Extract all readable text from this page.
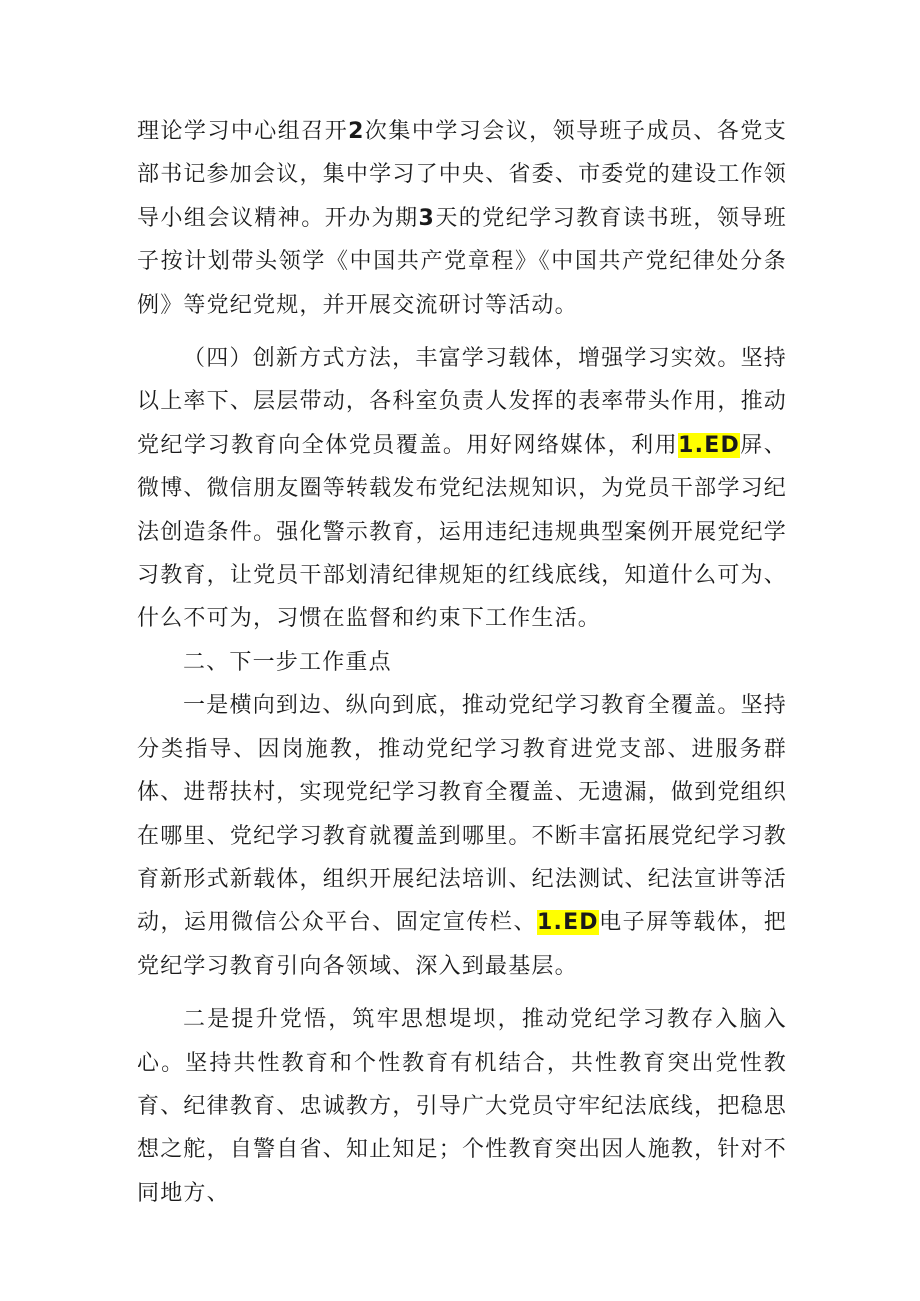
理论学习中心组召开2次集中学习会议，领导班子成员、各党支部书记参加会议，集中学习了中央、省委、市委党的建设工作领导小组会议精神。开办为期3天的党纪学习教育读书班，领导班子按计划带头领学《中国共产党章程》《中国共产党纪律处分条例》等党纪党规，并开展交流研讨等活动。

（四）创新方式方法，丰富学习载体，增强学习实效。坚持以上率下、层层带动，各科室负责人发挥的表率带头作用，推动党纪学习教育向全体党员覆盖。用好网络媒体，利用1.ED屏、微博、微信朋友圈等转载发布党纪法规知识，为党员干部学习纪法创造条件。强化警示教育，运用违纪违规典型案例开展党纪学习教育，让党员干部划清纪律规矩的红线底线，知道什么可为、什么不可为，习惯在监督和约束下工作生活。

二、下一步工作重点

一是横向到边、纵向到底，推动党纪学习教育全覆盖。坚持分类指导、因岗施教，推动党纪学习教育进党支部、进服务群体、进帮扶村，实现党纪学习教育全覆盖、无遗漏，做到党组织在哪里、党纪学习教育就覆盖到哪里。不断丰富拓展党纪学习教育新形式新载体，组织开展纪法培训、纪法测试、纪法宣讲等活动，运用微信公众平台、固定宣传栏、1.ED电子屏等载体，把党纪学习教育引向各领域、深入到最基层。

二是提升党悟，筑牢思想堤坝，推动党纪学习教存入脑入心。坚持共性教育和个性教育有机结合，共性教育突出党性教育、纪律教育、忠诚教方，引导广大党员守牢纪法底线，把稳思想之舵，自警自省、知止知足；个性教育突出因人施教，针对不同地方、
